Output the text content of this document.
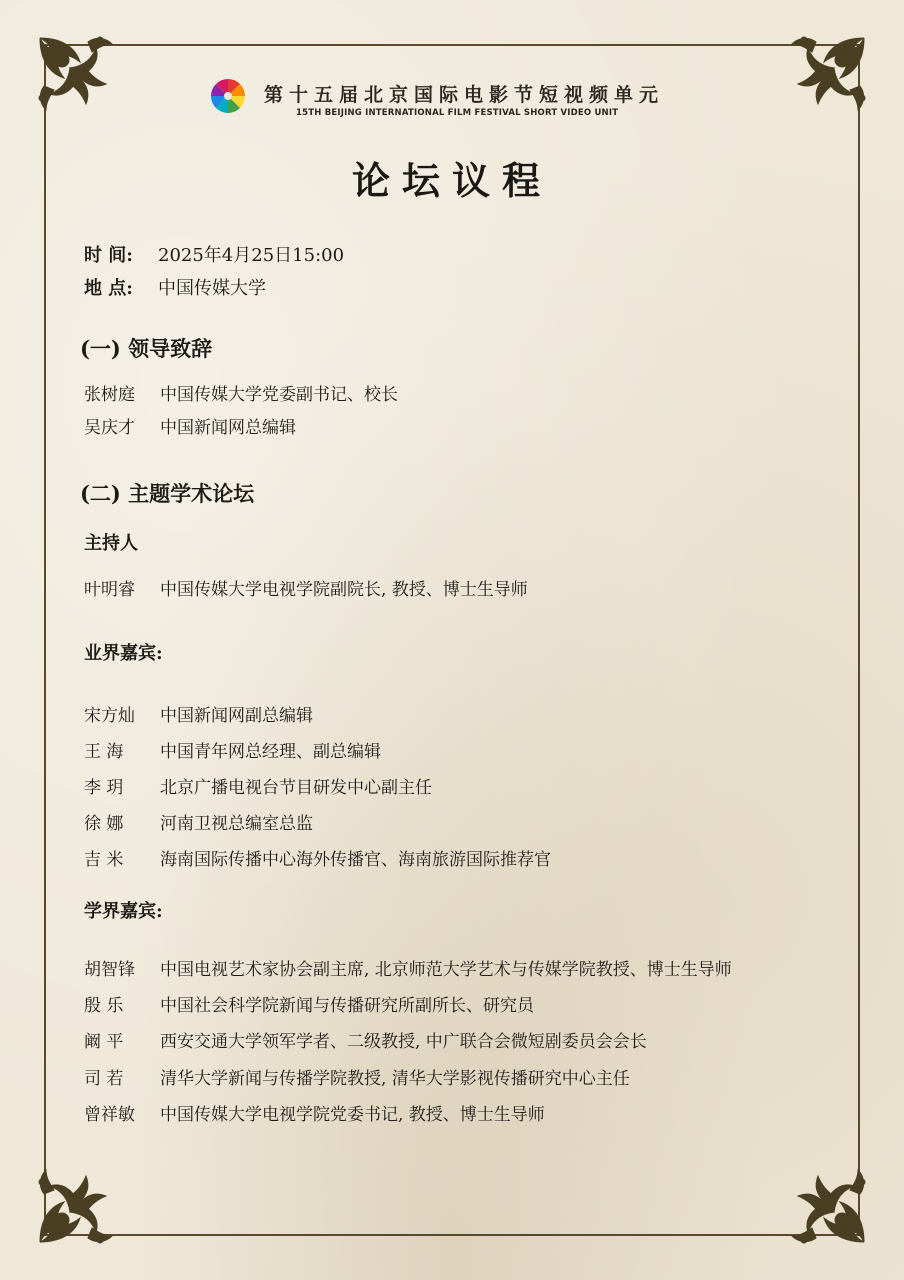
第十五届北京国际电影节短视频单元
15TH BEIJING INTERNATIONAL FILM FESTIVAL SHORT VIDEO UNIT
论坛议程
时 间: 2025年4月25日15:00
地 点: 中国传媒大学
(一) 领导致辞
张树庭 中国传媒大学党委副书记、校长
吴庆才 中国新闻网总编辑
(二) 主题学术论坛
主持人
叶明睿 中国传媒大学电视学院副院长, 教授、博士生导师
业界嘉宾:
宋方灿 中国新闻网副总编辑
王 海 中国青年网总经理、副总编辑
李 玥 北京广播电视台节目研发中心副主任
徐 娜 河南卫视总编室总监
吉 米 海南国际传播中心海外传播官、海南旅游国际推荐官
学界嘉宾:
胡智锋 中国电视艺术家协会副主席, 北京师范大学艺术与传媒学院教授、博士生导师
殷 乐 中国社会科学院新闻与传播研究所副所长、研究员
阚 平 西安交通大学领军学者、二级教授, 中广联合会微短剧委员会会长
司 若 清华大学新闻与传播学院教授, 清华大学影视传播研究中心主任
曾祥敏 中国传媒大学电视学院党委书记, 教授、博士生导师
